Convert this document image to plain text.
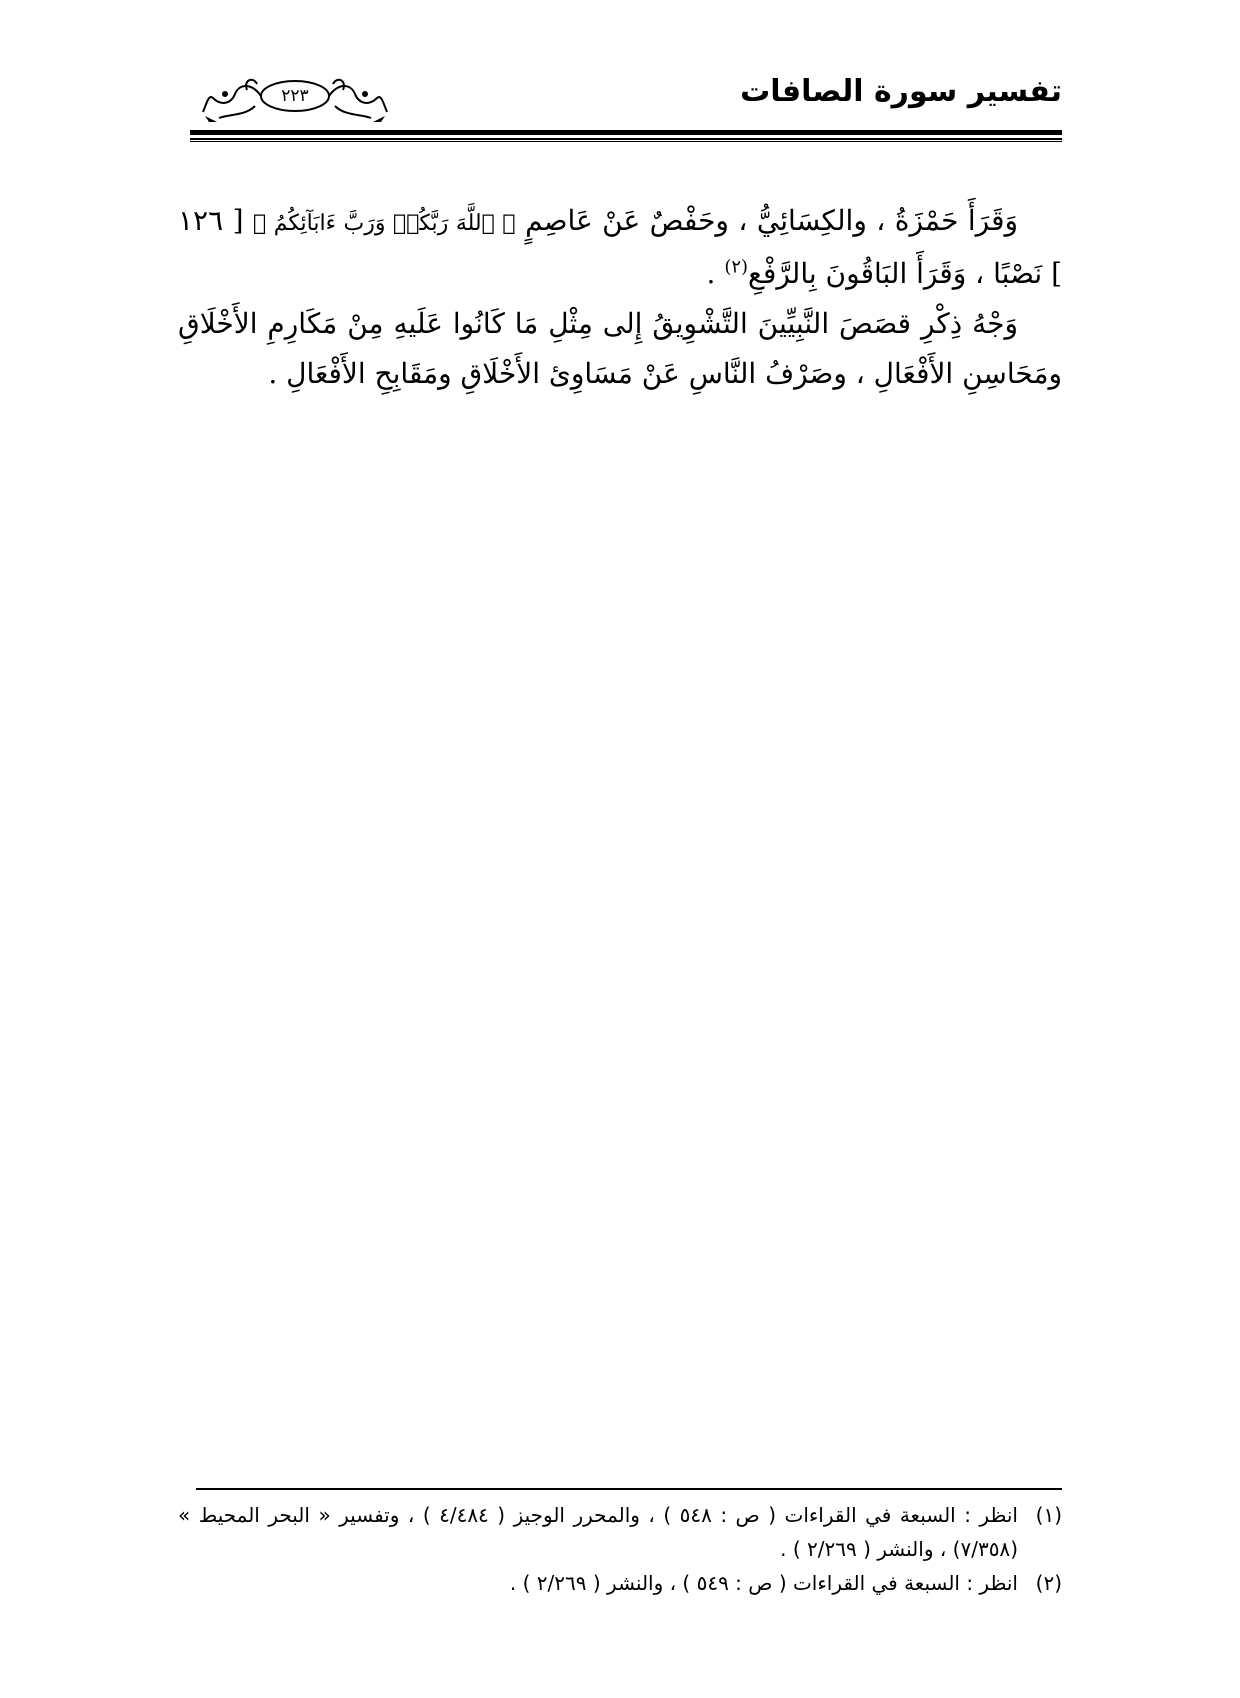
تفسير سورة الصافات
٢٢٣

وَقَرَأَ حَمْزَةُ ، والكِسَائِيُّ ، وحَفْصٌ عَنْ عَاصِمٍ ﴿ ٱللَّهَ رَبَّكُمۡ وَرَبَّ ءَابَآئِكُمُ ﴾ [ ١٢٦ ] نَصْبًا ، وَقَرَأَ البَاقُونَ بِالرَّفْعِ$^{(٢)}$ .

وَجْهُ ذِكْرِ قصَصَ النَّبِيِّينَ التَّشْوِيقُ إِلى مِثْلِ مَا كَانُوا عَلَيهِ مِنْ مَكَارِمِ الأَخْلَاقِ ومَحَاسِنِ الأَفْعَالِ ، وصَرْفُ النَّاسِ عَنْ مَسَاوِئ الأَخْلَاقِ ومَقَابِحِ الأَفْعَالِ .

(١)
انظر : السبعة في القراءات ( ص : ٥٤٨ ) ، والمحرر الوجيز ( ٤/٤٨٤ ) ، وتفسير « البحر المحيط » (٧/٣٥٨) ، والنشر ( ٢/٢٦٩ ) .

(٢)
انظر : السبعة في القراءات ( ص : ٥٤٩ ) ، والنشر ( ٢/٢٦٩ ) .
